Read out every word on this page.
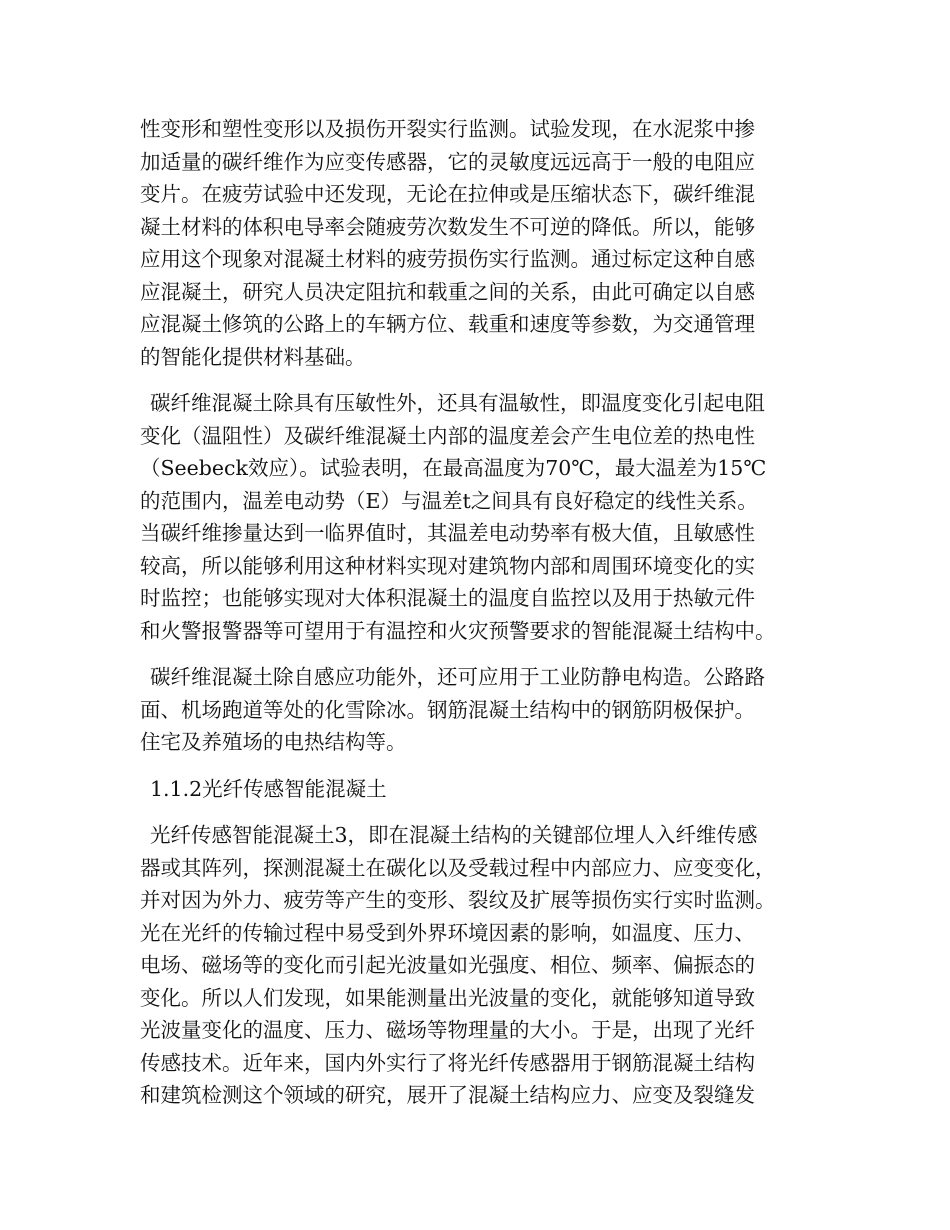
性变形和塑性变形以及损伤开裂实行监测。试验发现，在水泥浆中掺
加适量的碳纤维作为应变传感器，它的灵敏度远远高于一般的电阻应
变片。在疲劳试验中还发现，无论在拉伸或是压缩状态下，碳纤维混
凝土材料的体积电导率会随疲劳次数发生不可逆的降低。所以，能够
应用这个现象对混凝土材料的疲劳损伤实行监测。通过标定这种自感
应混凝土，研究人员决定阻抗和载重之间的关系，由此可确定以自感
应混凝土修筑的公路上的车辆方位、载重和速度等参数，为交通管理
的智能化提供材料基础。
碳纤维混凝土除具有压敏性外，还具有温敏性，即温度变化引起电阻
变化（温阻性）及碳纤维混凝土内部的温度差会产生电位差的热电性
（Seebeck效应）。试验表明，在最高温度为70℃，最大温差为15℃
的范围内，温差电动势（E）与温差t之间具有良好稳定的线性关系。
当碳纤维掺量达到一临界值时，其温差电动势率有极大值，且敏感性
较高，所以能够利用这种材料实现对建筑物内部和周围环境变化的实
时监控；也能够实现对大体积混凝土的温度自监控以及用于热敏元件
和火警报警器等可望用于有温控和火灾预警要求的智能混凝土结构中。
碳纤维混凝土除自感应功能外，还可应用于工业防静电构造。公路路
面、机场跑道等处的化雪除冰。钢筋混凝土结构中的钢筋阴极保护。
住宅及养殖场的电热结构等。
1.1.2光纤传感智能混凝土
光纤传感智能混凝土3，即在混凝土结构的关键部位埋人入纤维传感
器或其阵列，探测混凝土在碳化以及受载过程中内部应力、应变变化，
并对因为外力、疲劳等产生的变形、裂纹及扩展等损伤实行实时监测。
光在光纤的传输过程中易受到外界环境因素的影响，如温度、压力、
电场、磁场等的变化而引起光波量如光强度、相位、频率、偏振态的
变化。所以人们发现，如果能测量出光波量的变化，就能够知道导致
光波量变化的温度、压力、磁场等物理量的大小。于是，出现了光纤
传感技术。近年来，国内外实行了将光纤传感器用于钢筋混凝土结构
和建筑检测这个领域的研究，展开了混凝土结构应力、应变及裂缝发
